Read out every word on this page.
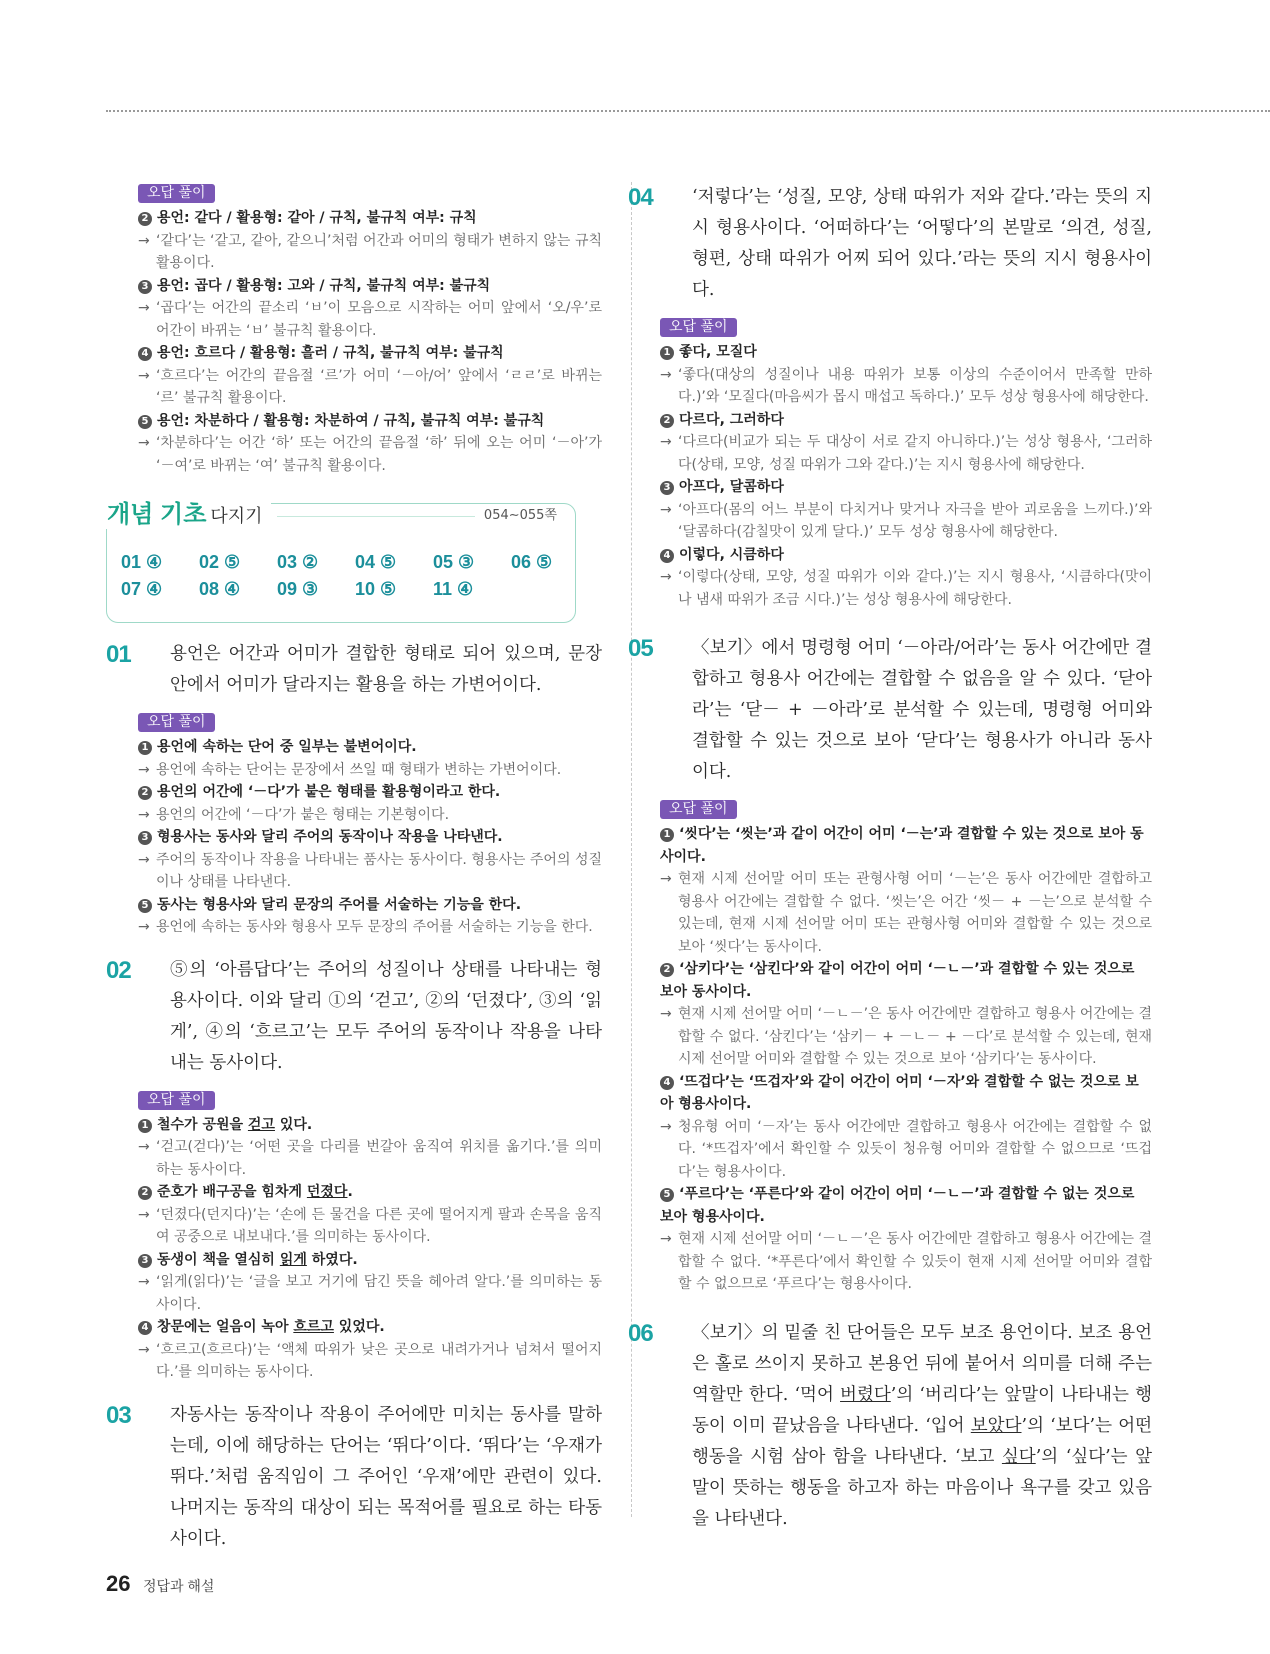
오답 풀이
2 용언: 같다 / 활용형: 같아 / 규칙, 불규칙 여부: 규칙
→ ‘같다’는 ‘같고, 같아, 같으니’처럼 어간과 어미의 형태가 변하지 않는 규칙 활용이다.
3 용언: 곱다 / 활용형: 고와 / 규칙, 불규칙 여부: 불규칙
→ ‘곱다’는 어간의 끝소리 ‘ㅂ’이 모음으로 시작하는 어미 앞에서 ‘오/우’로 어간이 바뀌는 ‘ㅂ’ 불규칙 활용이다.
4 용언: 흐르다 / 활용형: 흘러 / 규칙, 불규칙 여부: 불규칙
→ ‘흐르다’는 어간의 끝음절 ‘르’가 어미 ‘－아/어’ 앞에서 ‘ㄹㄹ’로 바뀌는 ‘르’ 불규칙 활용이다.
5 용언: 차분하다 / 활용형: 차분하여 / 규칙, 불규칙 여부: 불규칙
→ ‘차분하다’는 어간 ‘하’ 또는 어간의 끝음절 ‘하’ 뒤에 오는 어미 ‘－아’가 ‘－여’로 바뀌는 ‘여’ 불규칙 활용이다.
개념 기초 다지기	054∼055쪽
01 ④	02 ⑤	03 ②	04 ⑤	05 ③	06 ⑤
07 ④	08 ④	09 ③	10 ⑤	11 ④
01 용언은 어간과 어미가 결합한 형태로 되어 있으며, 문장 안에서 어미가 달라지는 활용을 하는 가변어이다.
오답 풀이
1 용언에 속하는 단어 중 일부는 불변어이다.
→ 용언에 속하는 단어는 문장에서 쓰일 때 형태가 변하는 가변어이다.
2 용언의 어간에 ‘－다’가 붙은 형태를 활용형이라고 한다.
→ 용언의 어간에 ‘－다’가 붙은 형태는 기본형이다.
3 형용사는 동사와 달리 주어의 동작이나 작용을 나타낸다.
→ 주어의 동작이나 작용을 나타내는 품사는 동사이다. 형용사는 주어의 성질이나 상태를 나타낸다.
5 동사는 형용사와 달리 문장의 주어를 서술하는 기능을 한다.
→ 용언에 속하는 동사와 형용사 모두 문장의 주어를 서술하는 기능을 한다.
02 ⑤의 ‘아름답다’는 주어의 성질이나 상태를 나타내는 형용사이다. 이와 달리 ①의 ‘걷고’, ②의 ‘던졌다’, ③의 ‘읽게’, ④의 ‘흐르고’는 모두 주어의 동작이나 작용을 나타내는 동사이다.
오답 풀이
1 철수가 공원을 걷고 있다.
→ ‘걷고(걷다)’는 ‘어떤 곳을 다리를 번갈아 움직여 위치를 옮기다.’를 의미하는 동사이다.
2 준호가 배구공을 힘차게 던졌다.
→ ‘던졌다(던지다)’는 ‘손에 든 물건을 다른 곳에 떨어지게 팔과 손목을 움직여 공중으로 내보내다.’를 의미하는 동사이다.
3 동생이 책을 열심히 읽게 하였다.
→ ‘읽게(읽다)’는 ‘글을 보고 거기에 담긴 뜻을 헤아려 알다.’를 의미하는 동사이다.
4 창문에는 얼음이 녹아 흐르고 있었다.
→ ‘흐르고(흐르다)’는 ‘액체 따위가 낮은 곳으로 내려가거나 넘쳐서 떨어지다.’를 의미하는 동사이다.
03 자동사는 동작이나 작용이 주어에만 미치는 동사를 말하는데, 이에 해당하는 단어는 ‘뛰다’이다. ‘뛰다’는 ‘우재가 뛰다.’처럼 움직임이 그 주어인 ‘우재’에만 관련이 있다. 나머지는 동작의 대상이 되는 목적어를 필요로 하는 타동사이다.
04 ‘저렇다’는 ‘성질, 모양, 상태 따위가 저와 같다.’라는 뜻의 지시 형용사이다. ‘어떠하다’는 ‘어떻다’의 본말로 ‘의견, 성질, 형편, 상태 따위가 어찌 되어 있다.’라는 뜻의 지시 형용사이다.
오답 풀이
1 좋다, 모질다
→ ‘좋다(대상의 성질이나 내용 따위가 보통 이상의 수준이어서 만족할 만하다.)’와 ‘모질다(마음씨가 몹시 매섭고 독하다.)’ 모두 성상 형용사에 해당한다.
2 다르다, 그러하다
→ ‘다르다(비교가 되는 두 대상이 서로 같지 아니하다.)’는 성상 형용사, ‘그러하다(상태, 모양, 성질 따위가 그와 같다.)’는 지시 형용사에 해당한다.
3 아프다, 달콤하다
→ ‘아프다(몸의 어느 부분이 다치거나 맞거나 자극을 받아 괴로움을 느끼다.)’와 ‘달콤하다(감칠맛이 있게 달다.)’ 모두 성상 형용사에 해당한다.
4 이렇다, 시큼하다
→ ‘이렇다(상태, 모양, 성질 따위가 이와 같다.)’는 지시 형용사, ‘시큼하다(맛이나 냄새 따위가 조금 시다.)’는 성상 형용사에 해당한다.
05 〈보기〉에서 명령형 어미 ‘－아라/어라’는 동사 어간에만 결합하고 형용사 어간에는 결합할 수 없음을 알 수 있다. ‘닫아라’는 ‘닫－ + －아라’로 분석할 수 있는데, 명령형 어미와 결합할 수 있는 것으로 보아 ‘닫다’는 형용사가 아니라 동사이다.
오답 풀이
1 ‘씻다’는 ‘씻는’과 같이 어간이 어미 ‘－는’과 결합할 수 있는 것으로 보아 동사이다.
→ 현재 시제 선어말 어미 또는 관형사형 어미 ‘－는’은 동사 어간에만 결합하고 형용사 어간에는 결합할 수 없다. ‘씻는’은 어간 ‘씻－ + －는’으로 분석할 수 있는데, 현재 시제 선어말 어미 또는 관형사형 어미와 결합할 수 있는 것으로 보아 ‘씻다’는 동사이다.
2 ‘삼키다’는 ‘삼킨다’와 같이 어간이 어미 ‘－ㄴ－’과 결합할 수 있는 것으로 보아 동사이다.
→ 현재 시제 선어말 어미 ‘－ㄴ－’은 동사 어간에만 결합하고 형용사 어간에는 결합할 수 없다. ‘삼킨다’는 ‘삼키－ + －ㄴ－ + －다’로 분석할 수 있는데, 현재 시제 선어말 어미와 결합할 수 있는 것으로 보아 ‘삼키다’는 동사이다.
4 ‘뜨겁다’는 ‘뜨겁자’와 같이 어간이 어미 ‘－자’와 결합할 수 없는 것으로 보아 형용사이다.
→ 청유형 어미 ‘－자’는 동사 어간에만 결합하고 형용사 어간에는 결합할 수 없다. ‘*뜨겁자’에서 확인할 수 있듯이 청유형 어미와 결합할 수 없으므로 ‘뜨겁다’는 형용사이다.
5 ‘푸르다’는 ‘푸른다’와 같이 어간이 어미 ‘－ㄴ－’과 결합할 수 없는 것으로 보아 형용사이다.
→ 현재 시제 선어말 어미 ‘－ㄴ－’은 동사 어간에만 결합하고 형용사 어간에는 결합할 수 없다. ‘*푸른다’에서 확인할 수 있듯이 현재 시제 선어말 어미와 결합할 수 없으므로 ‘푸르다’는 형용사이다.
06 〈보기〉의 밑줄 친 단어들은 모두 보조 용언이다. 보조 용언은 홀로 쓰이지 못하고 본용언 뒤에 붙어서 의미를 더해 주는 역할만 한다. ‘먹어 버렸다’의 ‘버리다’는 앞말이 나타내는 행동이 이미 끝났음을 나타낸다. ‘입어 보았다’의 ‘보다’는 어떤 행동을 시험 삼아 함을 나타낸다. ‘보고 싶다’의 ‘싶다’는 앞말이 뜻하는 행동을 하고자 하는 마음이나 욕구를 갖고 있음을 나타낸다.
26 정답과 해설
